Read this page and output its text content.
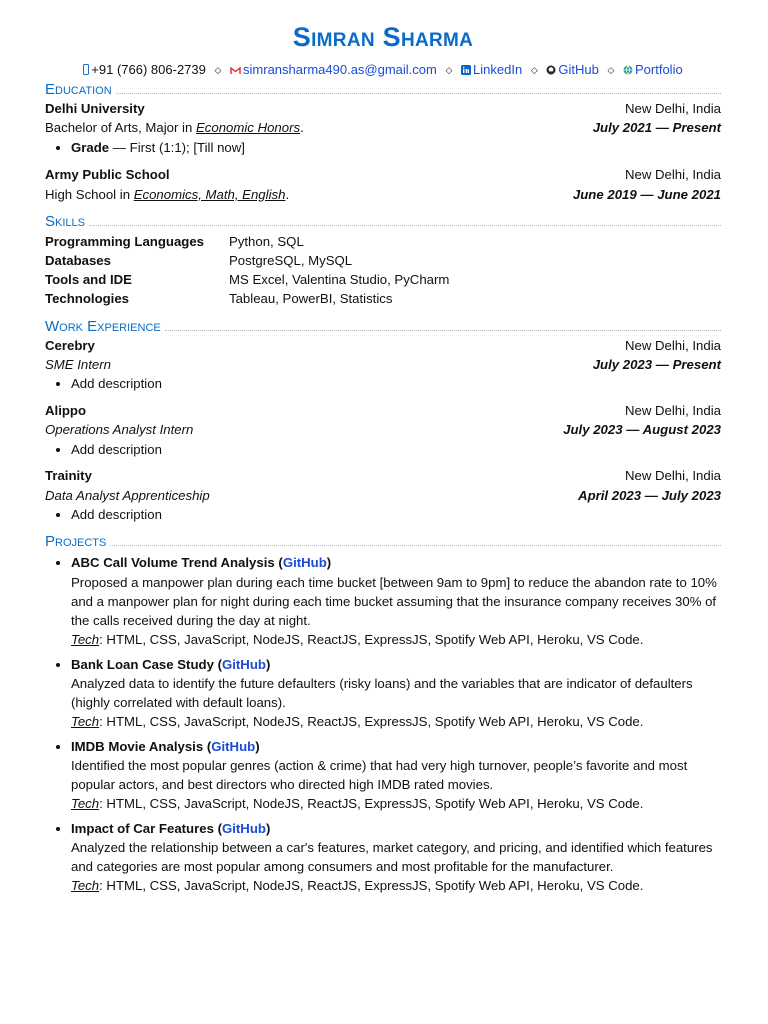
Simran Sharma
+91 (766) 806-2739 ◇ simransharma490.as@gmail.com ◇ LinkedIn ◇ GitHub ◇ Portfolio
Education
Delhi University	New Delhi, India
Bachelor of Arts, Major in Economic Honors.	July 2021 — Present
• Grade — First (1:1); [Till now]
Army Public School	New Delhi, India
High School in Economics, Math, English.	June 2019 — June 2021
Skills
Programming Languages	Python, SQL
Databases	PostgreSQL, MySQL
Tools and IDE	MS Excel, Valentina Studio, PyCharm
Technologies	Tableau, PowerBI, Statistics
Work Experience
Cerebry	New Delhi, India
SME Intern	July 2023 — Present
• Add description
Alippo	New Delhi, India
Operations Analyst Intern	July 2023 — August 2023
• Add description
Trainity	New Delhi, India
Data Analyst Apprenticeship	April 2023 — July 2023
• Add description
Projects
• ABC Call Volume Trend Analysis (GitHub)
Proposed a manpower plan during each time bucket [between 9am to 9pm] to reduce the abandon rate to 10% and a manpower plan for night during each time bucket assuming that the insurance company receives 30% of the calls received during the day at night.
Tech: HTML, CSS, JavaScript, NodeJS, ReactJS, ExpressJS, Spotify Web API, Heroku, VS Code.
• Bank Loan Case Study (GitHub)
Analyzed data to identify the future defaulters (risky loans) and the variables that are indicator of defaulters (highly correlated with default loans).
Tech: HTML, CSS, JavaScript, NodeJS, ReactJS, ExpressJS, Spotify Web API, Heroku, VS Code.
• IMDB Movie Analysis (GitHub)
Identified the most popular genres (action & crime) that had very high turnover, people’s favorite and most popular actors, and best directors who directed high IMDB rated movies.
Tech: HTML, CSS, JavaScript, NodeJS, ReactJS, ExpressJS, Spotify Web API, Heroku, VS Code.
• Impact of Car Features (GitHub)
Analyzed the relationship between a car's features, market category, and pricing, and identified which features and categories are most popular among consumers and most profitable for the manufacturer.
Tech: HTML, CSS, JavaScript, NodeJS, ReactJS, ExpressJS, Spotify Web API, Heroku, VS Code.
